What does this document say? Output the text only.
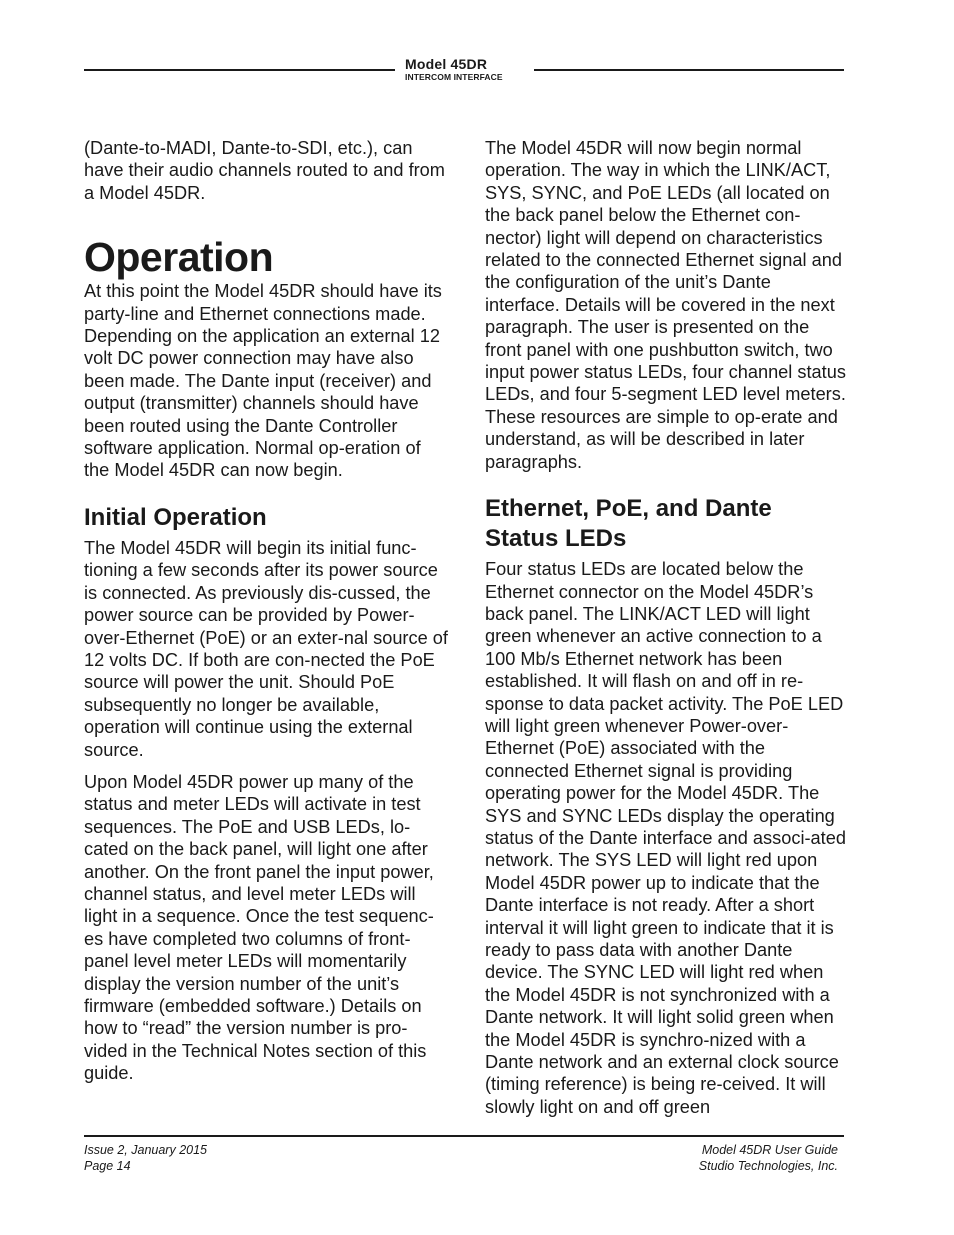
Model 45DR
INTERCOM INTERFACE

(Dante-to-MADI, Dante-to-SDI, etc.), can have their audio channels routed to and from a Model 45DR.

Operation

At this point the Model 45DR should have its party-line and Ethernet connections made. Depending on the application an external 12 volt DC power connection may have also been made. The Dante input (receiver) and output (transmitter) channels should have been routed using the Dante Controller software application. Normal op-eration of the Model 45DR can now begin.

Initial Operation

The Model 45DR will begin its initial func-tioning a few seconds after its power source is connected. As previously dis-cussed, the power source can be provided by Power-over-Ethernet (PoE) or an exter-nal source of 12 volts DC. If both are con-nected the PoE source will power the unit. Should PoE subsequently no longer be available, operation will continue using the external source.

Upon Model 45DR power up many of the status and meter LEDs will activate in test sequences. The PoE and USB LEDs, lo-cated on the back panel, will light one after another. On the front panel the input power, channel status, and level meter LEDs will light in a sequence. Once the test sequenc-es have completed two columns of front-panel level meter LEDs will momentarily display the version number of the unit’s firmware (embedded software.) Details on how to “read” the version number is pro-vided in the Technical Notes section of this guide.

The Model 45DR will now begin normal operation. The way in which the LINK/ACT, SYS, SYNC, and PoE LEDs (all located on the back panel below the Ethernet con-nector) light will depend on characteristics related to the connected Ethernet signal and the configuration of the unit’s Dante interface. Details will be covered in the next paragraph. The user is presented on the front panel with one pushbutton switch, two input power status LEDs, four channel status LEDs, and four 5-segment LED level meters. These resources are simple to op-erate and understand, as will be described in later paragraphs.

Ethernet, PoE, and Dante Status LEDs

Four status LEDs are located below the Ethernet connector on the Model 45DR’s back panel. The LINK/ACT LED will light green whenever an active connection to a 100 Mb/s Ethernet network has been established. It will flash on and off in re-sponse to data packet activity. The PoE LED will light green whenever Power-over-Ethernet (PoE) associated with the connected Ethernet signal is providing operating power for the Model 45DR. The SYS and SYNC LEDs display the operating status of the Dante interface and associ-ated network. The SYS LED will light red upon Model 45DR power up to indicate that the Dante interface is not ready. After a short interval it will light green to indicate that it is ready to pass data with another Dante device. The SYNC LED will light red when the Model 45DR is not synchronized with a Dante network. It will light solid green when the Model 45DR is synchro-nized with a Dante network and an external clock source (timing reference) is being re-ceived. It will slowly light on and off green

Issue 2, January 2015
Page 14
Model 45DR User Guide
Studio Technologies, Inc.
